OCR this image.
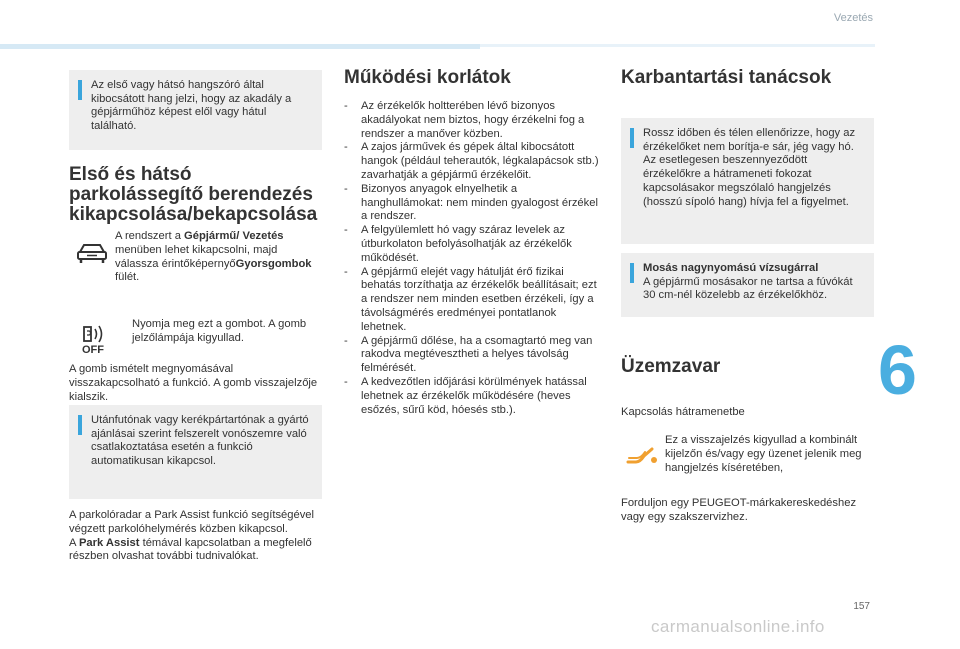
Vezetés
6
Az első vagy hátsó hangszóró által kibocsátott hang jelzi, hogy az akadály a gépjárműhöz képest elől vagy hátul található.
Első és hátsó
parkolássegítő berendezés
kikapcsolása/bekapcsolása
A rendszert a Gépjármű/ Vezetés menüben lehet kikapcsolni, majd válassza érintőképernyőGyorsgombok fülét.
OFF
Nyomja meg ezt a gombot. A gomb jelzőlámpája kigyullad.
A gomb ismételt megnyomásával visszakapcsolható a funkció. A gomb visszajelzője kialszik.
Utánfutónak vagy kerékpártartónak a gyártó ajánlásai szerint felszerelt vonószemre való csatlakoztatása esetén a funkció automatikusan kikapcsol.
A parkolóradar a Park Assist funkció segítségével végzett parkolóhelymérés közben kikapcsol.
A Park Assist témával kapcsolatban a megfelelő részben olvashat további tudnivalókat.
Működési korlátok
- Az érzékelők holtterében lévő bizonyos akadályokat nem biztos, hogy érzékelni fog a rendszer a manőver közben.
- A zajos járművek és gépek által kibocsátott hangok (például teherautók, légkalapácsok stb.) zavarhatják a gépjármű érzékelőit.
- Bizonyos anyagok elnyelhetik a hanghullámokat: nem minden gyalogost érzékel a rendszer.
- A felgyülemlett hó vagy száraz levelek az útburkolaton befolyásolhatják az érzékelők működését.
- A gépjármű elejét vagy hátulját érő fizikai behatás torzíthatja az érzékelők beállításait; ezt a rendszer nem minden esetben érzékeli, így a távolságmérés eredményei pontatlanok lehetnek.
- A gépjármű dőlése, ha a csomagtartó meg van rakodva megtévesztheti a helyes távolság felmérését.
- A kedvezőtlen időjárási körülmények hatással lehetnek az érzékelők működésére (heves esőzés, sűrű köd, hóesés stb.).
Karbantartási tanácsok
Rossz időben és télen ellenőrizze, hogy az érzékelőket nem borítja-e sár, jég vagy hó. Az esetlegesen beszennyeződött érzékelőkre a hátrameneti fokozat kapcsolásakor megszólaló hangjelzés (hosszú sípoló hang) hívja fel a figyelmet.
Mosás nagynyomású vízsugárral
A gépjármű mosásakor ne tartsa a fúvókát 30 cm-nél közelebb az érzékelőkhöz.
Üzemzavar
Kapcsolás hátramenetbe
Ez a visszajelzés kigyullad a kombinált kijelzőn és/vagy egy üzenet jelenik meg hangjelzés kíséretében,
Forduljon egy PEUGEOT-márkakereskedéshez vagy egy szakszervizhez.
157
carmanualsonline.info
